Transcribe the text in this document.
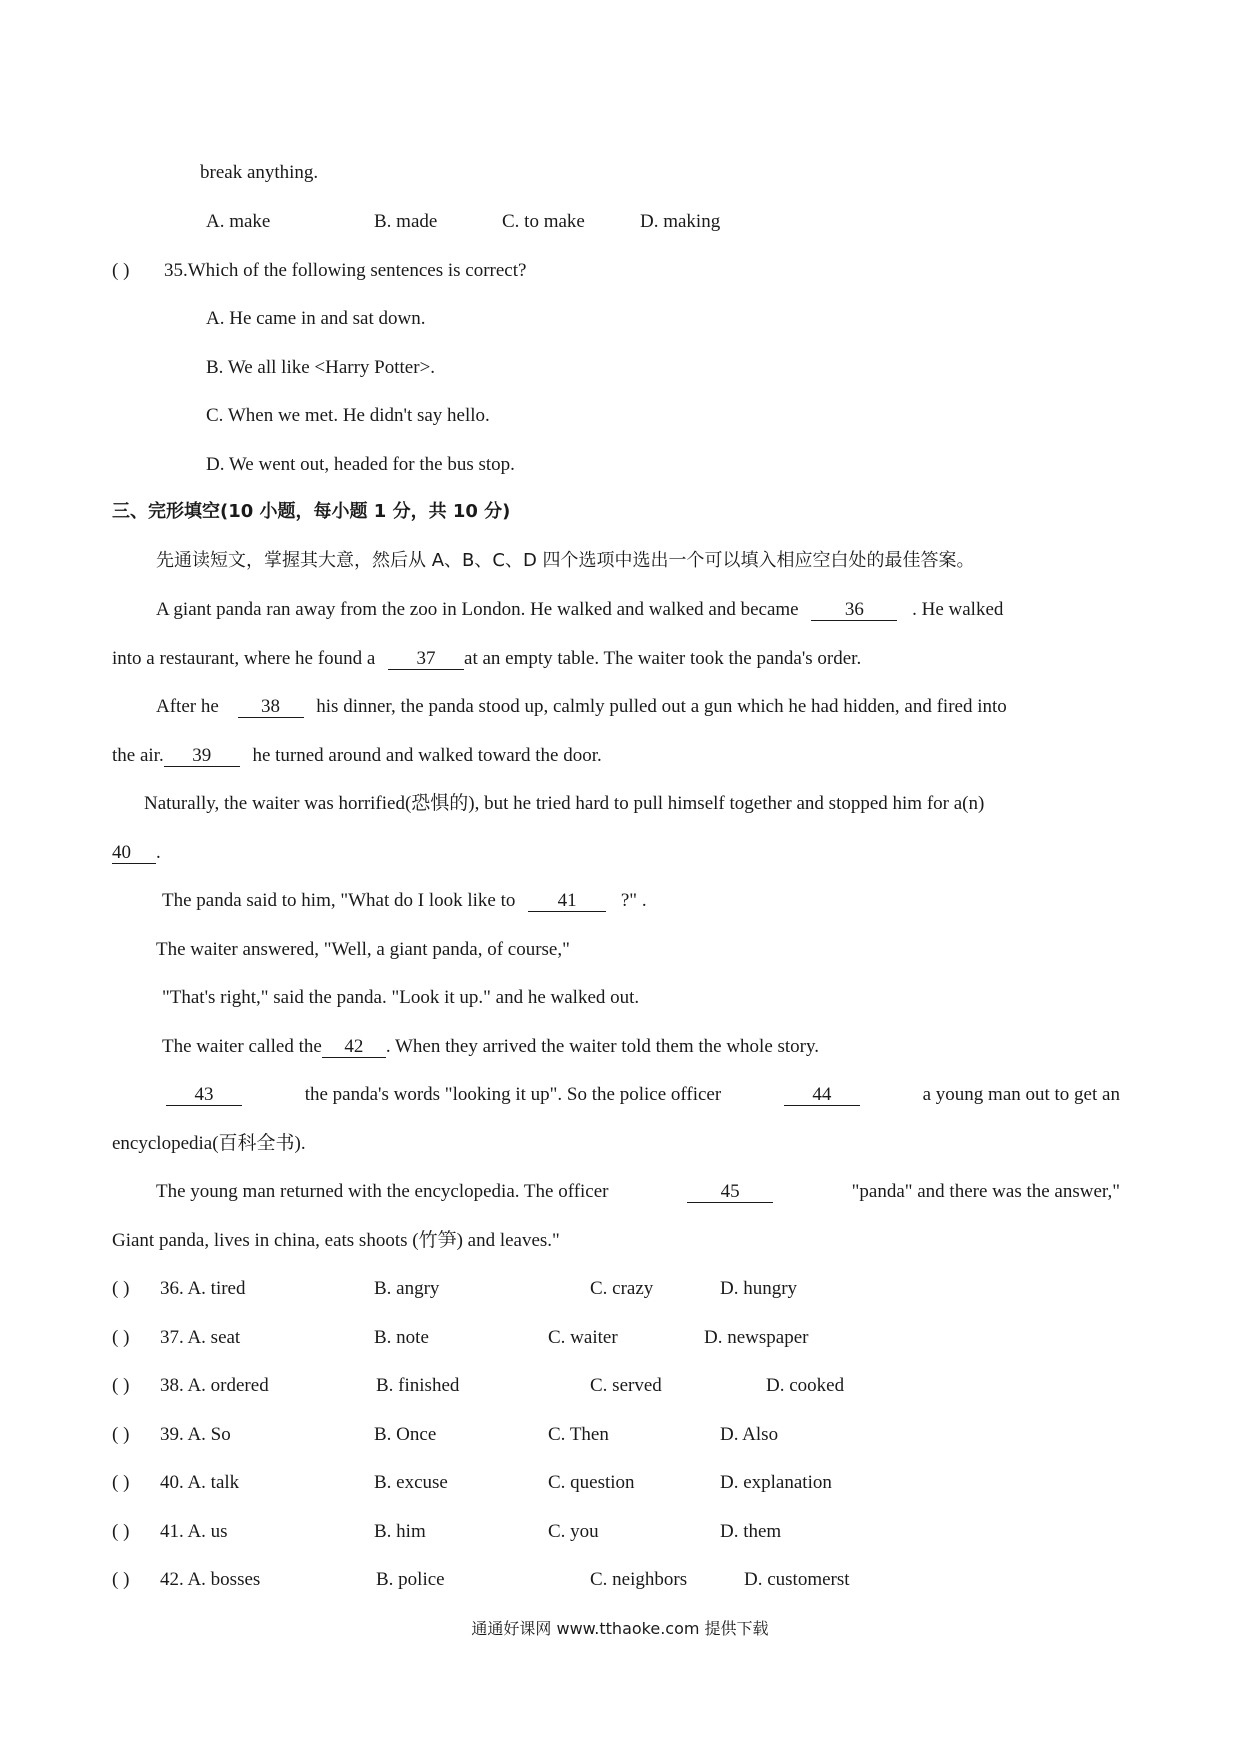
break anything.
A. make	B. made	C. to make	D. making
( ) 35.Which of the following sentences is correct?
A. He came in and sat down.
B. We all like <Harry Potter>.
C. When we met. He didn't say hello.
D. We went out, headed for the bus stop.
三、完形填空(10 小题，每小题 1 分，共 10 分)
先通读短文，掌握其大意，然后从 A、B、C、D 四个选项中选出一个可以填入相应空白处的最佳答案。
A giant panda ran away from the zoo in London. He walked and walked and became 36	. He walked
into a restaurant, where he found a 37 at an empty table. The waiter took the panda's order.
After he 38 his dinner, the panda stood up, calmly pulled out a gun which he had hidden, and fired into
the air. 39 he turned around and walked toward the door.
Naturally, the waiter was horrified(恐惧的), but he tried hard to pull himself together and stopped him for a(n)
40 .
The panda said to him, "What do I look like to 41 ?" .
The waiter answered, "Well, a giant panda, of course,"
"That's right," said the panda. "Look it up." and he walked out.
The waiter called the 42 . When they arrived the waiter told them the whole story.
43	the panda's words "looking it up". So the police officer	44	a young man out to get an
encyclopedia(百科全书).
The young man returned with the encyclopedia. The officer	45	"panda" and there was the answer,"
Giant panda, lives in china, eats shoots (竹笋) and leaves."
( ) 36. A. tired	B. angry	C. crazy	D. hungry
( ) 37. A. seat	B. note	C. waiter	D. newspaper
( ) 38. A. ordered	B. finished	C. served	D. cooked
( ) 39. A. So	B. Once	C. Then	D. Also
( ) 40. A. talk	B. excuse	C. question	D. explanation
( ) 41. A. us	B. him	C. you	D. them
( ) 42. A. bosses	B. police	C. neighbors	D. customerst
通通好课网 www.tthaoke.com 提供下载
